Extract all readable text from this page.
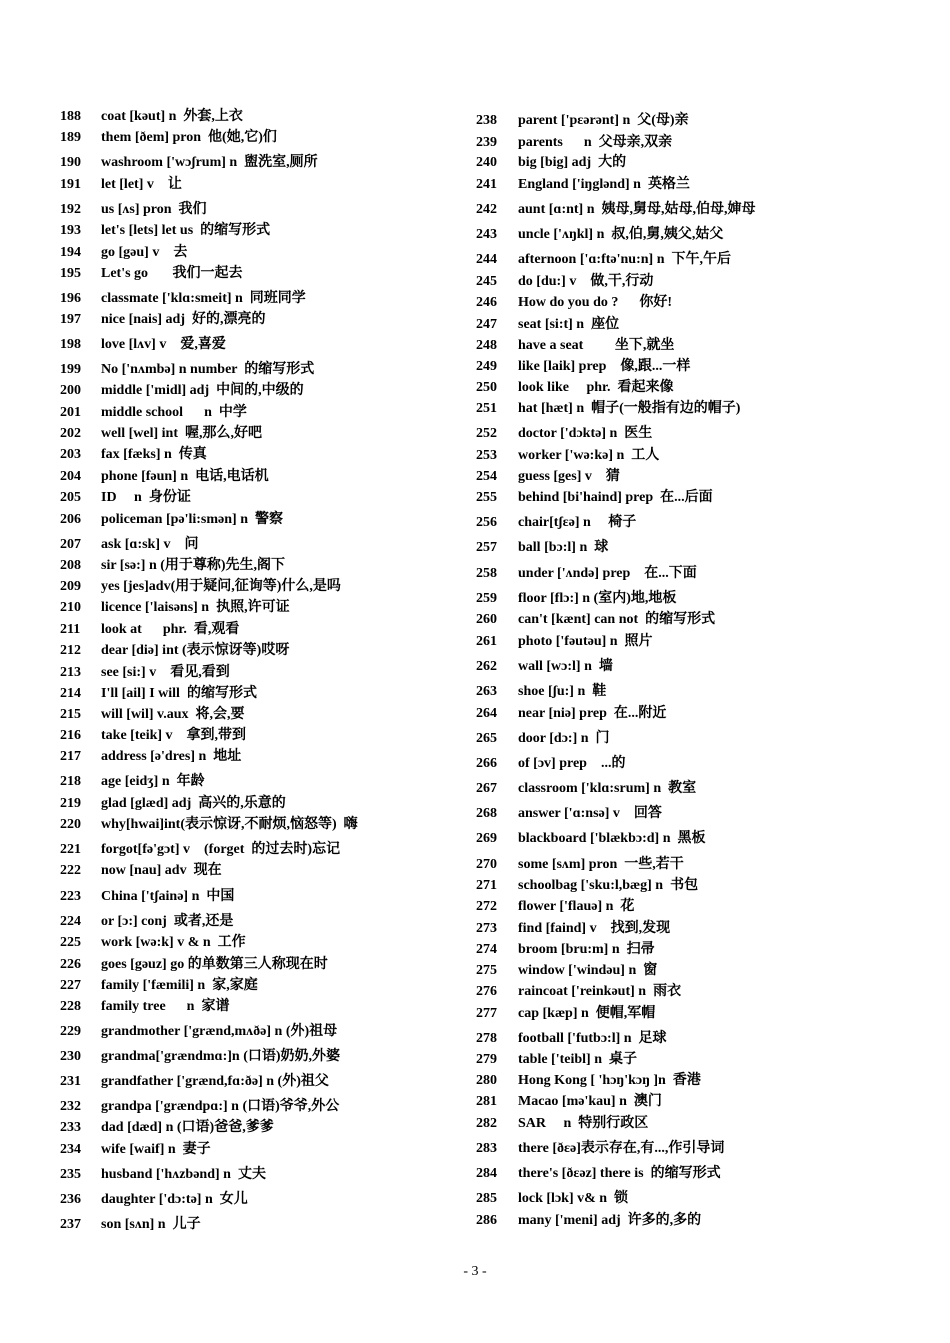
188 coat [kəut] n  外套,上衣
189 them [ðem] pron  他(她,它)们
190 washroom ['wɔʃrum] n  盥洗室,厕所
191 let [let] v    让
192 us [ʌs] pron  我们
193 let's [lets] let us  的缩写形式
194 go [gəu] v    去
195 Let's go       我们一起去
196 classmate ['klɑ:smeit] n  同班同学
197 nice [nais] adj  好的,漂亮的
198 love [lʌv] v    爱,喜爱
199 No ['nʌmbə] n number  的缩写形式
200 middle ['midl] adj  中间的,中级的
201 middle school      n  中学
202 well [wel] int  喔,那么,好吧
203 fax [fæks] n  传真
204 phone [fəun] n  电话,电话机
205 ID     n  身份证
206 policeman [pə'li:smən] n  警察
207 ask [ɑ:sk] v    问
208 sir [sə:] n (用于尊称)先生,阁下
209 yes [jes]adv(用于疑问,征询等)什么,是吗
210 licence ['laisəns] n  执照,许可证
211 look at      phr.  看,观看
212 dear [diə] int (表示惊讶等)哎呀
213 see [si:] v    看见,看到
214 I'll [ail] I will  的缩写形式
215 will [wil] v.aux  将,会,要
216 take [teik] v    拿到,带到
217 address [ə'dres] n  地址
218 age [eidʒ] n  年龄
219 glad [glæd] adj  高兴的,乐意的
220 why[hwai]int(表示惊讶,不耐烦,恼怒等)  嗨
221 forgot[fə'gɔt] v    (forget  的过去时)忘记
222 now [nau] adv  现在
223 China ['tʃainə] n  中国
224 or [ɔ:] conj  或者,还是
225 work [wə:k] v & n  工作
226 goes [gəuz] go 的单数第三人称现在时
227 family ['fæmili] n  家,家庭
228 family tree      n  家谱
229 grandmother ['grænd,mʌðə] n (外)祖母
230 grandma['grændmɑ:]n (口语)奶奶,外婆
231 grandfather ['grænd,fɑ:ðə] n (外)祖父
232 grandpa ['grændpɑ:] n (口语)爷爷,外公
233 dad [dæd] n (口语)爸爸,爹爹
234 wife [waif] n  妻子
235 husband ['hʌzbənd] n  丈夫
236 daughter ['dɔ:tə] n  女儿
237 son [sʌn] n  儿子
238 parent ['pεərənt] n  父(母)亲
239 parents      n  父母亲,双亲
240 big [big] adj  大的
241 England ['iŋglənd] n  英格兰
242 aunt [ɑ:nt] n  姨母,舅母,姑母,伯母,婶母
243 uncle ['ʌŋkl] n  叔,伯,舅,姨父,姑父
244 afternoon ['ɑ:ftə'nu:n] n  下午,午后
245 do [du:] v    做,干,行动
246 How do you do ?      你好!
247 seat [si:t] n  座位
248 have a seat         坐下,就坐
249 like [laik] prep    像,跟...一样
250 look like     phr.  看起来像
251 hat [hæt] n  帽子(一般指有边的帽子)
252 doctor ['dɔktə] n  医生
253 worker ['wə:kə] n  工人
254 guess [ges] v    猜
255 behind [bi'haind] prep  在...后面
256 chair[tʃεə] n     椅子
257 ball [bɔ:l] n  球
258 under ['ʌndə] prep    在...下面
259 floor [flɔ:] n (室内)地,地板
260 can't [kænt] can not  的缩写形式
261 photo ['fəutəu] n  照片
262 wall [wɔ:l] n  墙
263 shoe [ʃu:] n  鞋
264 near [niə] prep  在...附近
265 door [dɔ:] n  门
266 of [ɔv] prep    ...的
267 classroom ['klɑ:srum] n  教室
268 answer ['ɑ:nsə] v    回答
269 blackboard ['blækbɔ:d] n  黑板
270 some [sʌm] pron  一些,若干
271 schoolbag ['sku:l,bæg] n  书包
272 flower ['flauə] n  花
273 find [faind] v    找到,发现
274 broom [bru:m] n  扫帚
275 window ['windəu] n  窗
276 raincoat ['reinkəut] n  雨衣
277 cap [kæp] n  便帽,军帽
278 football ['futbɔ:l] n  足球
279 table ['teibl] n  桌子
280 Hong Kong [ 'hɔŋ'kɔŋ ]n  香港
281 Macao [mə'kau] n  澳门
282 SAR     n  特别行政区
283 there [ðεə]表示存在,有...,作引导词
284 there's [ðεəz] there is  的缩写形式
285 lock [lɔk] v& n  锁
286 many ['meni] adj  许多的,多的
- 3 -
